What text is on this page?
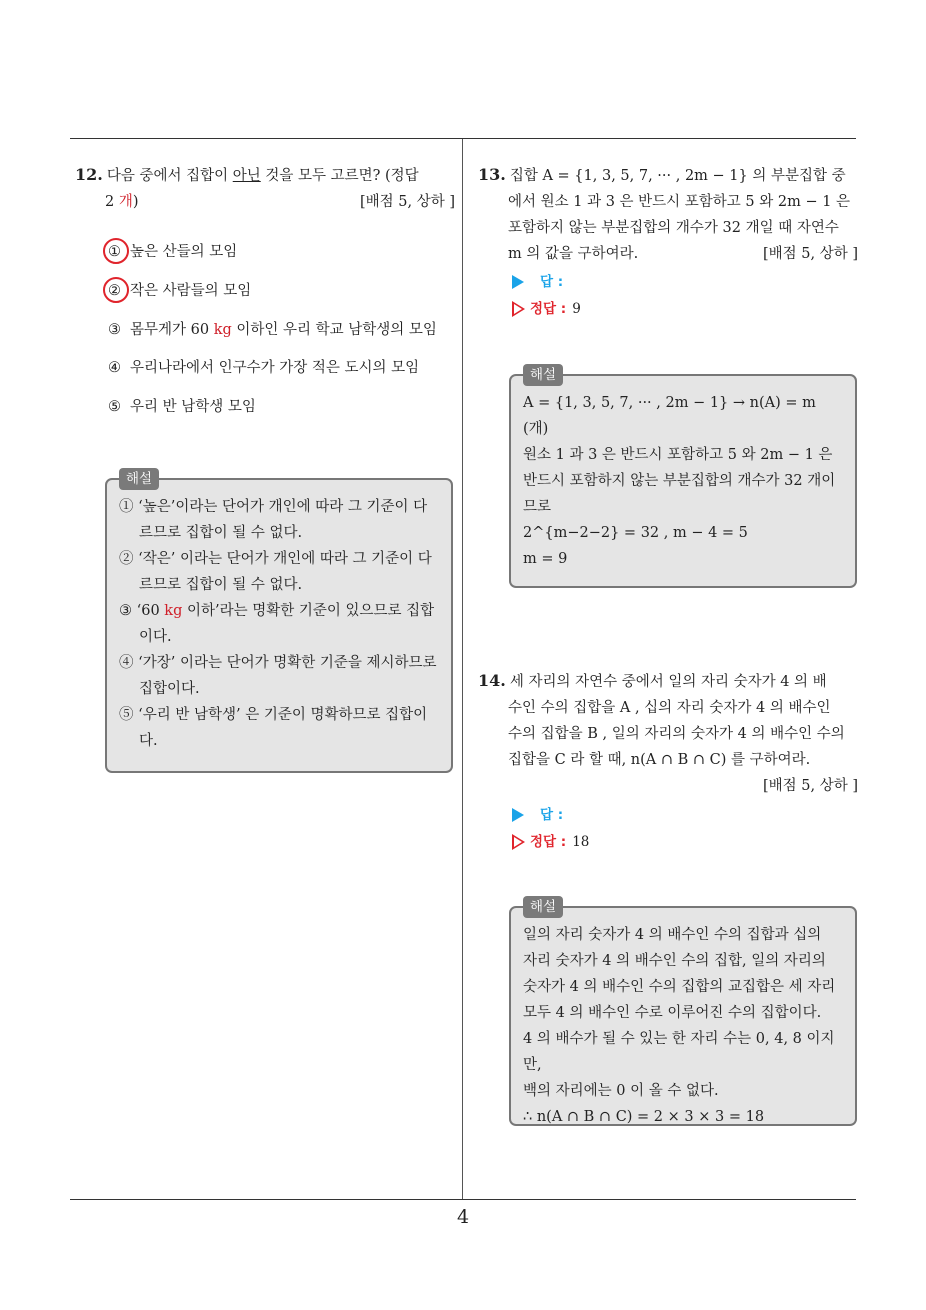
4
12. 다음 중에서 집합이 아닌 것을 모두 고르면? (정답
2 개)	[배점 5, 상하 ]
① 높은 산들의 모임
② 작은 사람들의 모임
③ 몸무게가 60 kg 이하인 우리 학교 남학생의 모임
④ 우리나라에서 인구수가 가장 적은 도시의 모임
⑤ 우리 반 남학생 모임
해설
① ‘높은’이라는 단어가 개인에 따라 그 기준이 다르므로 집합이 될 수 없다.
② ‘작은’ 이라는 단어가 개인에 따라 그 기준이 다르므로 집합이 될 수 없다.
③ ‘60 kg 이하’라는 명확한 기준이 있으므로 집합이다.
④ ‘가장’ 이라는 단어가 명확한 기준을 제시하므로 집합이다.
⑤ ‘우리 반 남학생’ 은 기준이 명확하므로 집합이다.
13. 집합 A = {1, 3, 5, 7, ··· , 2m − 1} 의 부분집합 중
에서 원소 1 과 3 은 반드시 포함하고 5 와 2m − 1 은
포함하지 않는 부분집합의 개수가 32 개일 때 자연수
m 의 값을 구하여라.	[배점 5, 상하 ]
답 :
정답 : 9
해설
A = {1, 3, 5, 7, ··· , 2m − 1} → n(A) = m
(개)
원소 1 과 3 은 반드시 포함하고 5 와 2m − 1 은
반드시 포함하지 않는 부분집합의 개수가 32 개이
므로
2^{m−2−2} = 32 , m − 4 = 5
m = 9
14. 세 자리의 자연수 중에서 일의 자리 숫자가 4 의 배
수인 수의 집합을 A , 십의 자리 숫자가 4 의 배수인
수의 집합을 B , 일의 자리의 숫자가 4 의 배수인 수의
집합을 C 라 할 때, n(A ∩ B ∩ C) 를 구하여라.
[배점 5, 상하 ]
답 :
정답 : 18
해설
일의 자리 숫자가 4 의 배수인 수의 집합과 십의
자리 숫자가 4 의 배수인 수의 집합, 일의 자리의
숫자가 4 의 배수인 수의 집합의 교집합은 세 자리
모두 4 의 배수인 수로 이루어진 수의 집합이다.
4 의 배수가 될 수 있는 한 자리 수는 0, 4, 8 이지만,
백의 자리에는 0 이 올 수 없다.
∴ n(A ∩ B ∩ C) = 2 × 3 × 3 = 18
